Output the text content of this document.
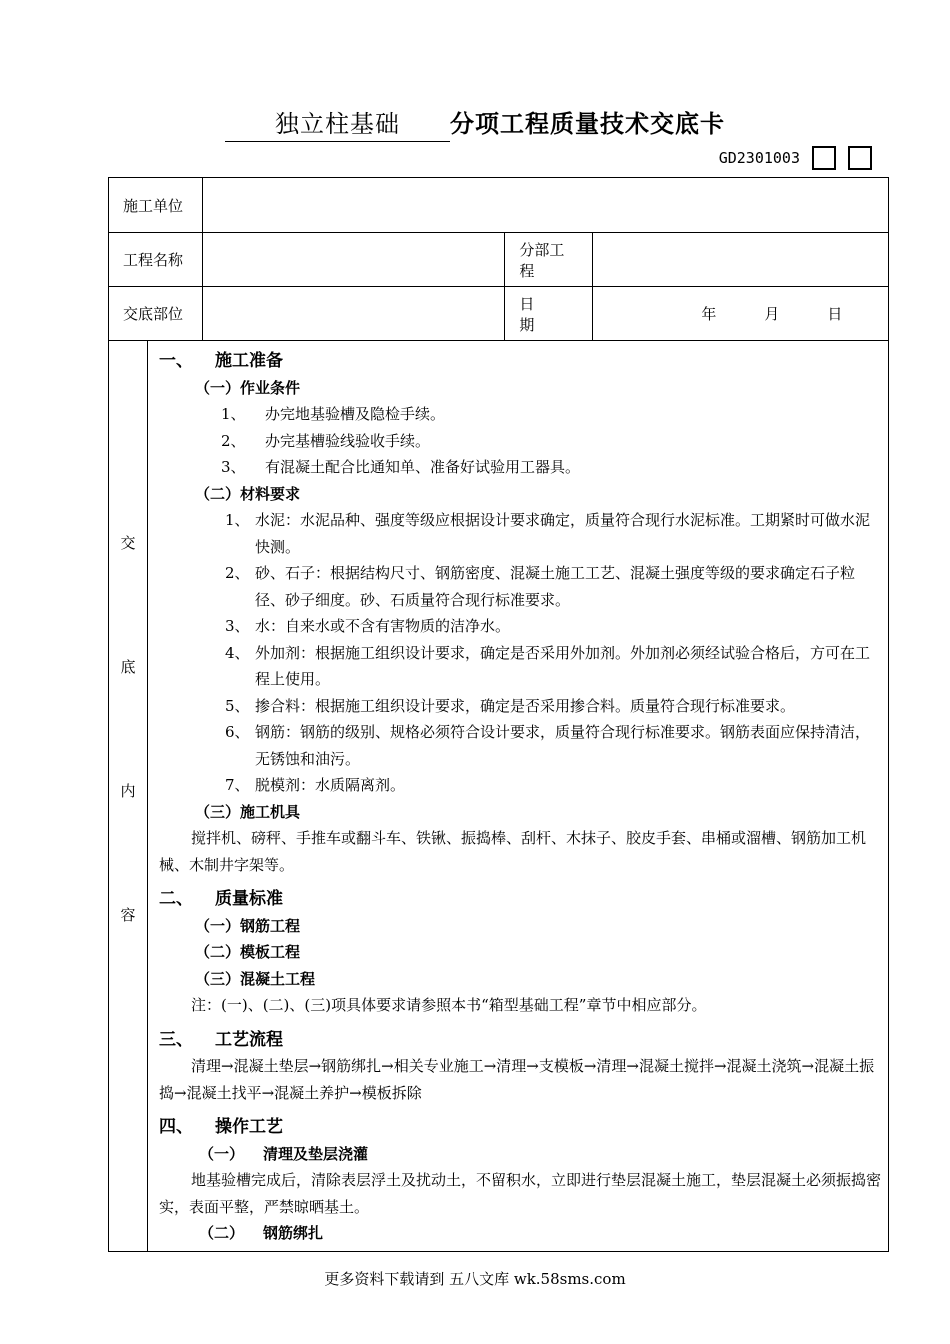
独立柱基础 分项工程质量技术交底卡
GD2301003
施工单位			
工程名称		分部工程	
交底部位		日　　期	年 月 日
交
底
内
容
一、	施工准备
（一）作业条件
1、	办完地基验槽及隐检手续。
2、	办完基槽验线验收手续。
3、	有混凝土配合比通知单、准备好试验用工器具。
（二）材料要求
1、 水泥：水泥品种、强度等级应根据设计要求确定，质量符合现行水泥标准。工期紧时可做水泥快测。
2、 砂、石子：根据结构尺寸、钢筋密度、混凝土施工工艺、混凝土强度等级的要求确定石子粒径、砂子细度。砂、石质量符合现行标准要求。
3、 水：自来水或不含有害物质的洁净水。
4、 外加剂：根据施工组织设计要求，确定是否采用外加剂。外加剂必须经试验合格后，方可在工程上使用。
5、 掺合料：根据施工组织设计要求，确定是否采用掺合料。质量符合现行标准要求。
6、 钢筋：钢筋的级别、规格必须符合设计要求，质量符合现行标准要求。钢筋表面应保持清洁，无锈蚀和油污。
7、 脱模剂：水质隔离剂。
（三）施工机具
搅拌机、磅秤、手推车或翻斗车、铁锹、振捣棒、刮杆、木抹子、胶皮手套、串桶或溜槽、钢筋加工机械、木制井字架等。
二、	质量标准
（一）钢筋工程
（二）模板工程
（三）混凝土工程
注：(一)、(二)、(三)项具体要求请参照本书“箱型基础工程”章节中相应部分。
三、	工艺流程
清理→混凝土垫层→钢筋绑扎→相关专业施工→清理→支模板→清理→混凝土搅拌→混凝土浇筑→混凝土振捣→混凝土找平→混凝土养护→模板拆除
四、	操作工艺
（一） 清理及垫层浇灌
地基验槽完成后，清除表层浮土及扰动土，不留积水，立即进行垫层混凝土施工，垫层混凝土必须振捣密实，表面平整，严禁晾晒基土。
（二） 钢筋绑扎
更多资料下载请到 五八文库 wk.58sms.com
